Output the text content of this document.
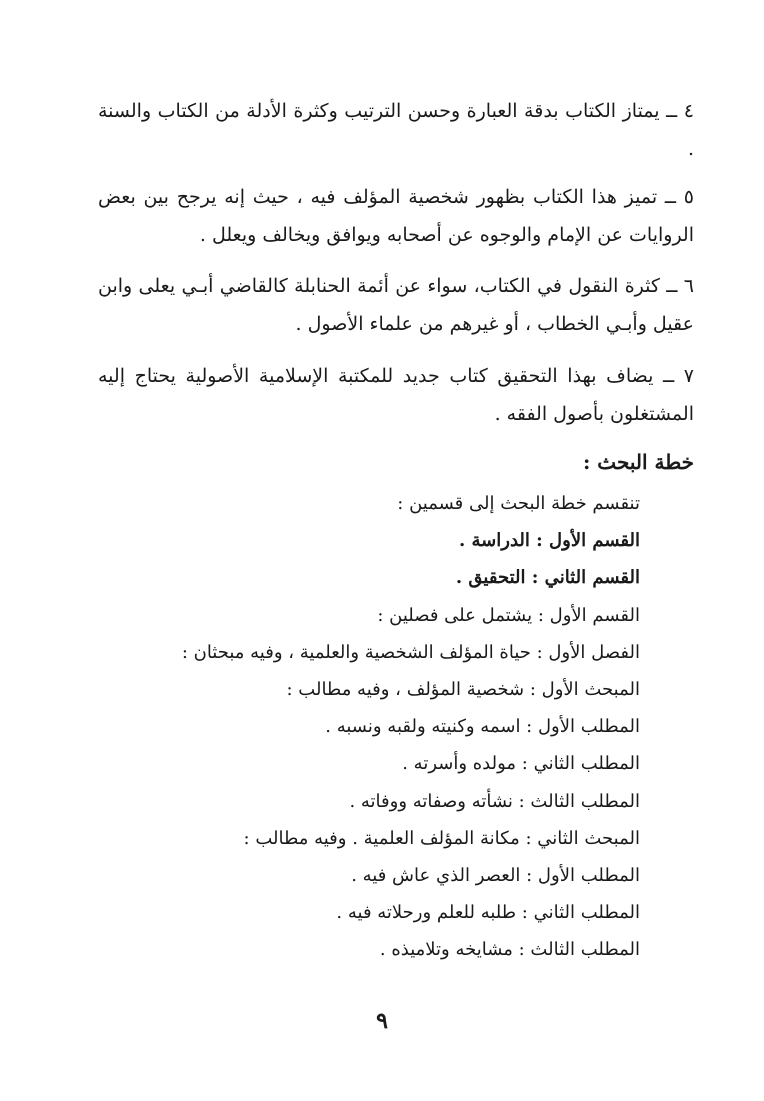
٤ ــ يمتاز الكتاب بدقة العبارة وحسن الترتيب وكثرة الأدلة من الكتاب والسنة .

٥ ــ تميز هذا الكتاب بظهور شخصية المؤلف فيه ، حيث إنه يرجح بين بعض الروايات عن الإمام والوجوه عن أصحابه ويوافق ويخالف ويعلل .

٦ ــ كثرة النقول في الكتاب، سواء عن أئمة الحنابلة كالقاضي أبـي يعلى وابن عقيل وأبـي الخطاب ، أو غيرهم من علماء الأصول .

٧ ــ يضاف بهذا التحقيق كتاب جديد للمكتبة الإسلامية الأصولية يحتاج إليه المشتغلون بأصول الفقه .

خطة البحث :
تنقسم خطة البحث إلى قسمين :
القسم الأول : الدراسة .
القسم الثاني : التحقيق .
القسم الأول : يشتمل على فصلين :
الفصل الأول : حياة المؤلف الشخصية والعلمية ، وفيه مبحثان :
المبحث الأول : شخصية المؤلف ، وفيه مطالب :
المطلب الأول : اسمه وكنيته ولقبه ونسبه .
المطلب الثاني : مولده وأسرته .
المطلب الثالث : نشأته وصفاته ووفاته .
المبحث الثاني : مكانة المؤلف العلمية . وفيه مطالب :
المطلب الأول : العصر الذي عاش فيه .
المطلب الثاني : طلبه للعلم ورحلاته فيه .
المطلب الثالث : مشايخه وتلاميذه .
٩
